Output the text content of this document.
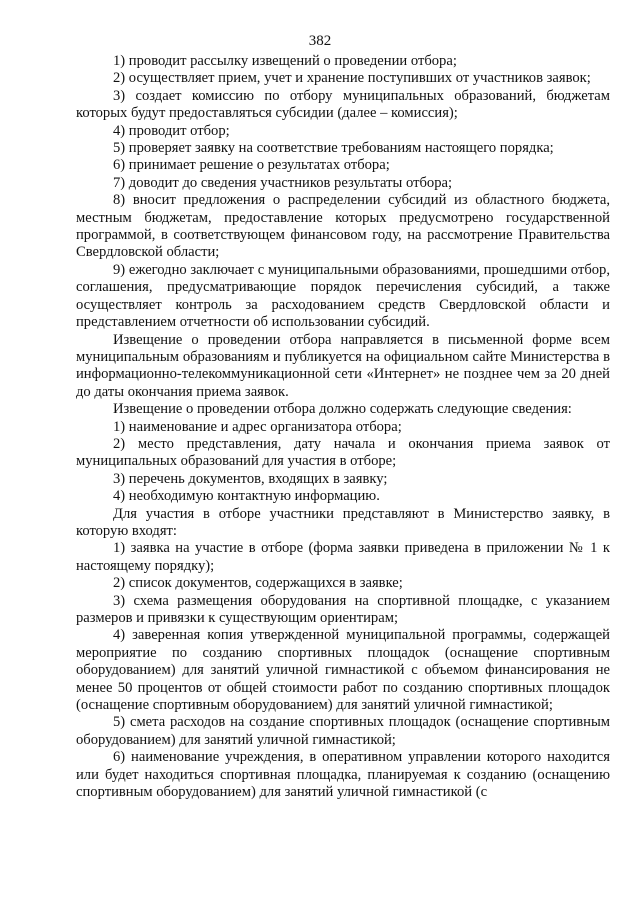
382

1) проводит рассылку извещений о проведении отбора;

2) осуществляет прием, учет и хранение поступивших от участников заявок;

3) создает комиссию по отбору муниципальных образований, бюджетам которых будут предоставляться субсидии (далее – комиссия);

4) проводит отбор;

5) проверяет заявку на соответствие требованиям настоящего порядка;

6) принимает решение о результатах отбора;

7) доводит до сведения участников результаты отбора;

8) вносит предложения о распределении субсидий из областного бюджета, местным бюджетам, предоставление которых предусмотрено государственной программой, в соответствующем финансовом году, на рассмотрение Правительства Свердловской области;

9) ежегодно заключает с муниципальными образованиями, прошедшими отбор, соглашения, предусматривающие порядок перечисления субсидий, а также осуществляет контроль за расходованием средств Свердловской области и представлением отчетности об использовании субсидий.

Извещение о проведении отбора направляется в письменной форме всем муниципальным образованиям и публикуется на официальном сайте Министерства в информационно-телекоммуникационной сети «Интернет» не позднее чем за 20 дней до даты окончания приема заявок.

Извещение о проведении отбора должно содержать следующие сведения:

1) наименование и адрес организатора отбора;

2) место представления, дату начала и окончания приема заявок от муниципальных образований для участия в отборе;

3) перечень документов, входящих в заявку;

4) необходимую контактную информацию.

Для участия в отборе участники представляют в Министерство заявку, в которую входят:

1) заявка на участие в отборе (форма заявки приведена в приложении № 1 к настоящему порядку);

2) список документов, содержащихся в заявке;

3) схема размещения оборудования на спортивной площадке, с указанием размеров и привязки к существующим ориентирам;

4) заверенная копия утвержденной муниципальной программы, содержащей мероприятие по созданию спортивных площадок (оснащение спортивным оборудованием) для занятий уличной гимнастикой с объемом финансирования не менее 50 процентов от общей стоимости работ по созданию спортивных площадок (оснащение спортивным оборудованием) для занятий уличной гимнастикой;

5) смета расходов на создание спортивных площадок (оснащение спортивным оборудованием) для занятий уличной гимнастикой;

6) наименование учреждения, в оперативном управлении которого находится или будет находиться спортивная площадка, планируемая к созданию (оснащению спортивным оборудованием) для занятий уличной гимнастикой (с
